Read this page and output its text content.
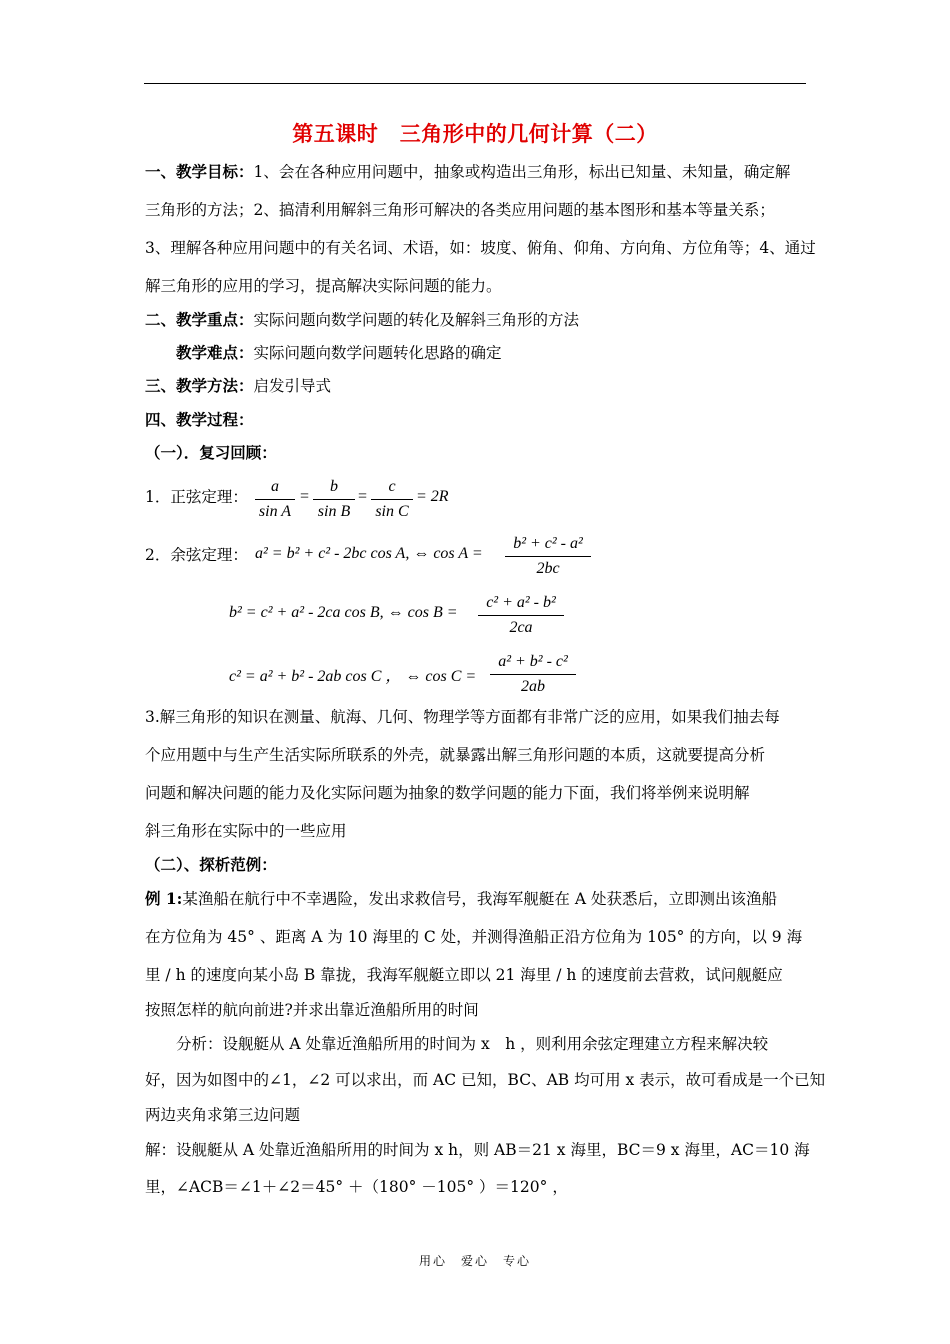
第五课时　三角形中的几何计算（二）
一、教学目标：1、会在各种应用问题中，抽象或构造出三角形，标出已知量、未知量，确定解
三角形的方法；2、搞清利用解斜三角形可解决的各类应用问题的基本图形和基本等量关系；
3、理解各种应用问题中的有关名词、术语，如：坡度、俯角、仰角、方向角、方位角等；4、通过
解三角形的应用的学习，提高解决实际问题的能力。
二、教学重点：实际问题向数学问题的转化及解斜三角形的方法
教学难点：实际问题向数学问题转化思路的确定
三、教学方法：启发引导式
四、教学过程：
（一）．复习回顾：
1．正弦定理：
a
sin A
=
b
sin B
=
c
sin C
= 2R
2．余弦定理： a² = b² + c² - 2bc cos A, ⇔ cos A =
b² + c² - a²
2bc
b² = c² + a² - 2ca cos B, ⇔ cos B =
c² + a² - b²
2ca
c² = a² + b² - 2ab cos C ， ⇔ cos C =
a² + b² - c²
2ab
3.解三角形的知识在测量、航海、几何、物理学等方面都有非常广泛的应用，如果我们抽去每
个应用题中与生产生活实际所联系的外壳，就暴露出解三角形问题的本质，这就要提高分析
问题和解决问题的能力及化实际问题为抽象的数学问题的能力下面，我们将举例来说明解
斜三角形在实际中的一些应用
（二）、探析范例：
例 1:某渔船在航行中不幸遇险，发出求救信号，我海军舰艇在 A 处获悉后，立即测出该渔船
在方位角为 45° 、距离 A 为 10 海里的 C 处，并测得渔船正沿方位角为 105° 的方向，以 9 海
里 / h 的速度向某小岛 B 靠拢，我海军舰艇立即以 21 海里 / h 的速度前去营救，试问舰艇应
按照怎样的航向前进?并求出靠近渔船所用的时间
分析：设舰艇从 A 处靠近渔船所用的时间为 x　h ，则利用余弦定理建立方程来解决较
好，因为如图中的∠1，∠2 可以求出，而 AC 已知，BC、AB 均可用 x 表示，故可看成是一个已知
两边夹角求第三边问题
解：设舰艇从 A 处靠近渔船所用的时间为 x h，则 AB＝21 x 海里，BC＝9 x 海里，AC＝10 海
里，∠ACB＝∠1＋∠2＝45° ＋（180° －105° ）＝120° ，
用心　爱心　专心
